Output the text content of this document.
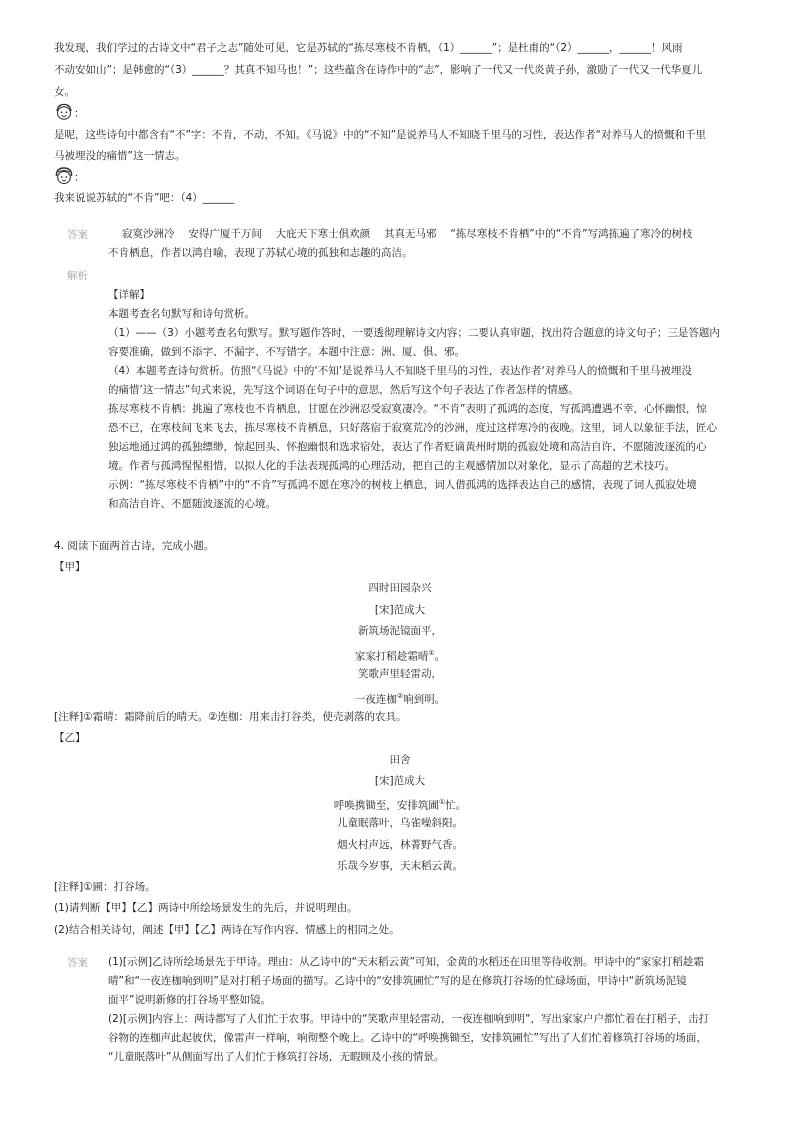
我发现，我们学过的古诗文中“君子之志”随处可见，它是苏轼的“拣尽寒枝不肯栖，（1）______”；是杜甫的“（2）______，______！风雨
不动安如山”；是韩愈的“（3）______？其真不知马也！”；这些蕴含在诗作中的“志”，影响了一代又一代炎黄子孙，激励了一代又一代华夏儿
女。
：
是呢，这些诗句中都含有“不”字：不肯，不动，不知。《马说》中的“不知”是说养马人不知晓千里马的习性，表达作者“对养马人的愤慨和千里
马被埋没的痛惜”这一情志。
：
我来说说苏轼的“不肯”吧：（4）______
答案	寂寞沙洲冷　 安得广厦千万间　 大庇天下寒士俱欢颜　 其真无马邪　 “拣尽寒枝不肯栖”中的“不肯”写鸿拣遍了寒冷的树枝
不肯栖息，作者以鸿自喻，表现了苏轼心境的孤独和志趣的高洁。
解析
【详解】
本题考查名句默写和诗句赏析。
（1）——（3）小题考查名句默写。默写题作答时，一要透彻理解诗文内容；二要认真审题，找出符合题意的诗文句子；三是答题内
容要准确，做到不添字、不漏字、不写错字。本题中注意：洲、厦、俱、邪。
（4）本题考查诗句赏析。仿照“《马说》中的‘不知’是说养马人不知晓千里马的习性，表达作者‘对养马人的愤慨和千里马被埋没
的痛惜’这一情志”句式来说，先写这个词语在句子中的意思，然后写这个句子表达了作者怎样的情感。
拣尽寒枝不肯栖：挑遍了寒枝也不肯栖息，甘愿在沙洲忍受寂寞凄冷。“不肯”表明了孤鸿的态度，写孤鸿遭遇不幸，心怀幽恨，惊
恐不已，在寒枝间飞来飞去，拣尽寒枝不肯栖息，只好落宿于寂寞荒冷的沙洲，度过这样寒冷的夜晚。这里，词人以象征手法，匠心
独运地通过鸿的孤独缥缈，惊起回头、怀抱幽恨和选求宿处，表达了作者贬谪黄州时期的孤寂处境和高洁自许、不愿随波逐流的心
境。作者与孤鸿惺惺相惜，以拟人化的手法表现孤鸿的心理活动，把自己的主观感情加以对象化，显示了高超的艺术技巧。
示例：“拣尽寒枝不肯栖”中的“不肯”写孤鸿不愿在寒冷的树枝上栖息，词人借孤鸿的选择表达自己的感情，表现了词人孤寂处境
和高洁自许、不愿随波逐流的心境。
4. 阅读下面两首古诗，完成小题。
【甲】
四时田园杂兴
[宋]范成大
新筑场泥镜面平，
家家打稻趁霜晴①。
笑歌声里轻雷动，
一夜连枷②响到明。
[注释]①霜晴：霜降前后的晴天。②连枷：用来击打谷类，使壳剥落的农具。
【乙】
田舍
[宋]范成大
呼唤携锄至，安排筑圃①忙。
儿童眠落叶，乌雀噪斜阳。
烟火村声远，林菁野气香。
乐哉今岁事，天末稻云黄。
[注释]①圃：打谷场。
(1)请判断【甲】【乙】两诗中所绘场景发生的先后，并说明理由。
(2)结合相关诗句，阐述【甲】【乙】两诗在写作内容、情感上的相同之处。
答案 (1)[示例]乙诗所绘场景先于甲诗。理由：从乙诗中的“天末稻云黄”可知，金黄的水稻还在田里等待收割。甲诗中的“家家打稻趁霜
晴”和“一夜连枷响到明”是对打稻子场面的描写。乙诗中的“安排筑圃忙”写的是在修筑打谷场的忙碌场面，甲诗中“新筑场泥镜
面平”说明新修的打谷场平整如镜。
(2)[示例]内容上：两诗都写了人们忙于农事。甲诗中的“笑歌声里轻雷动，一夜连枷响到明”，写出家家户户都忙着在打稻子，击打
谷物的连枷声此起彼伏，像雷声一样响，响彻整个晚上。乙诗中的“呼唤携锄至，安排筑圃忙”写出了人们忙着修筑打谷场的场面，
“儿童眠落叶”从侧面写出了人们忙于修筑打谷场，无暇顾及小孩的情景。
